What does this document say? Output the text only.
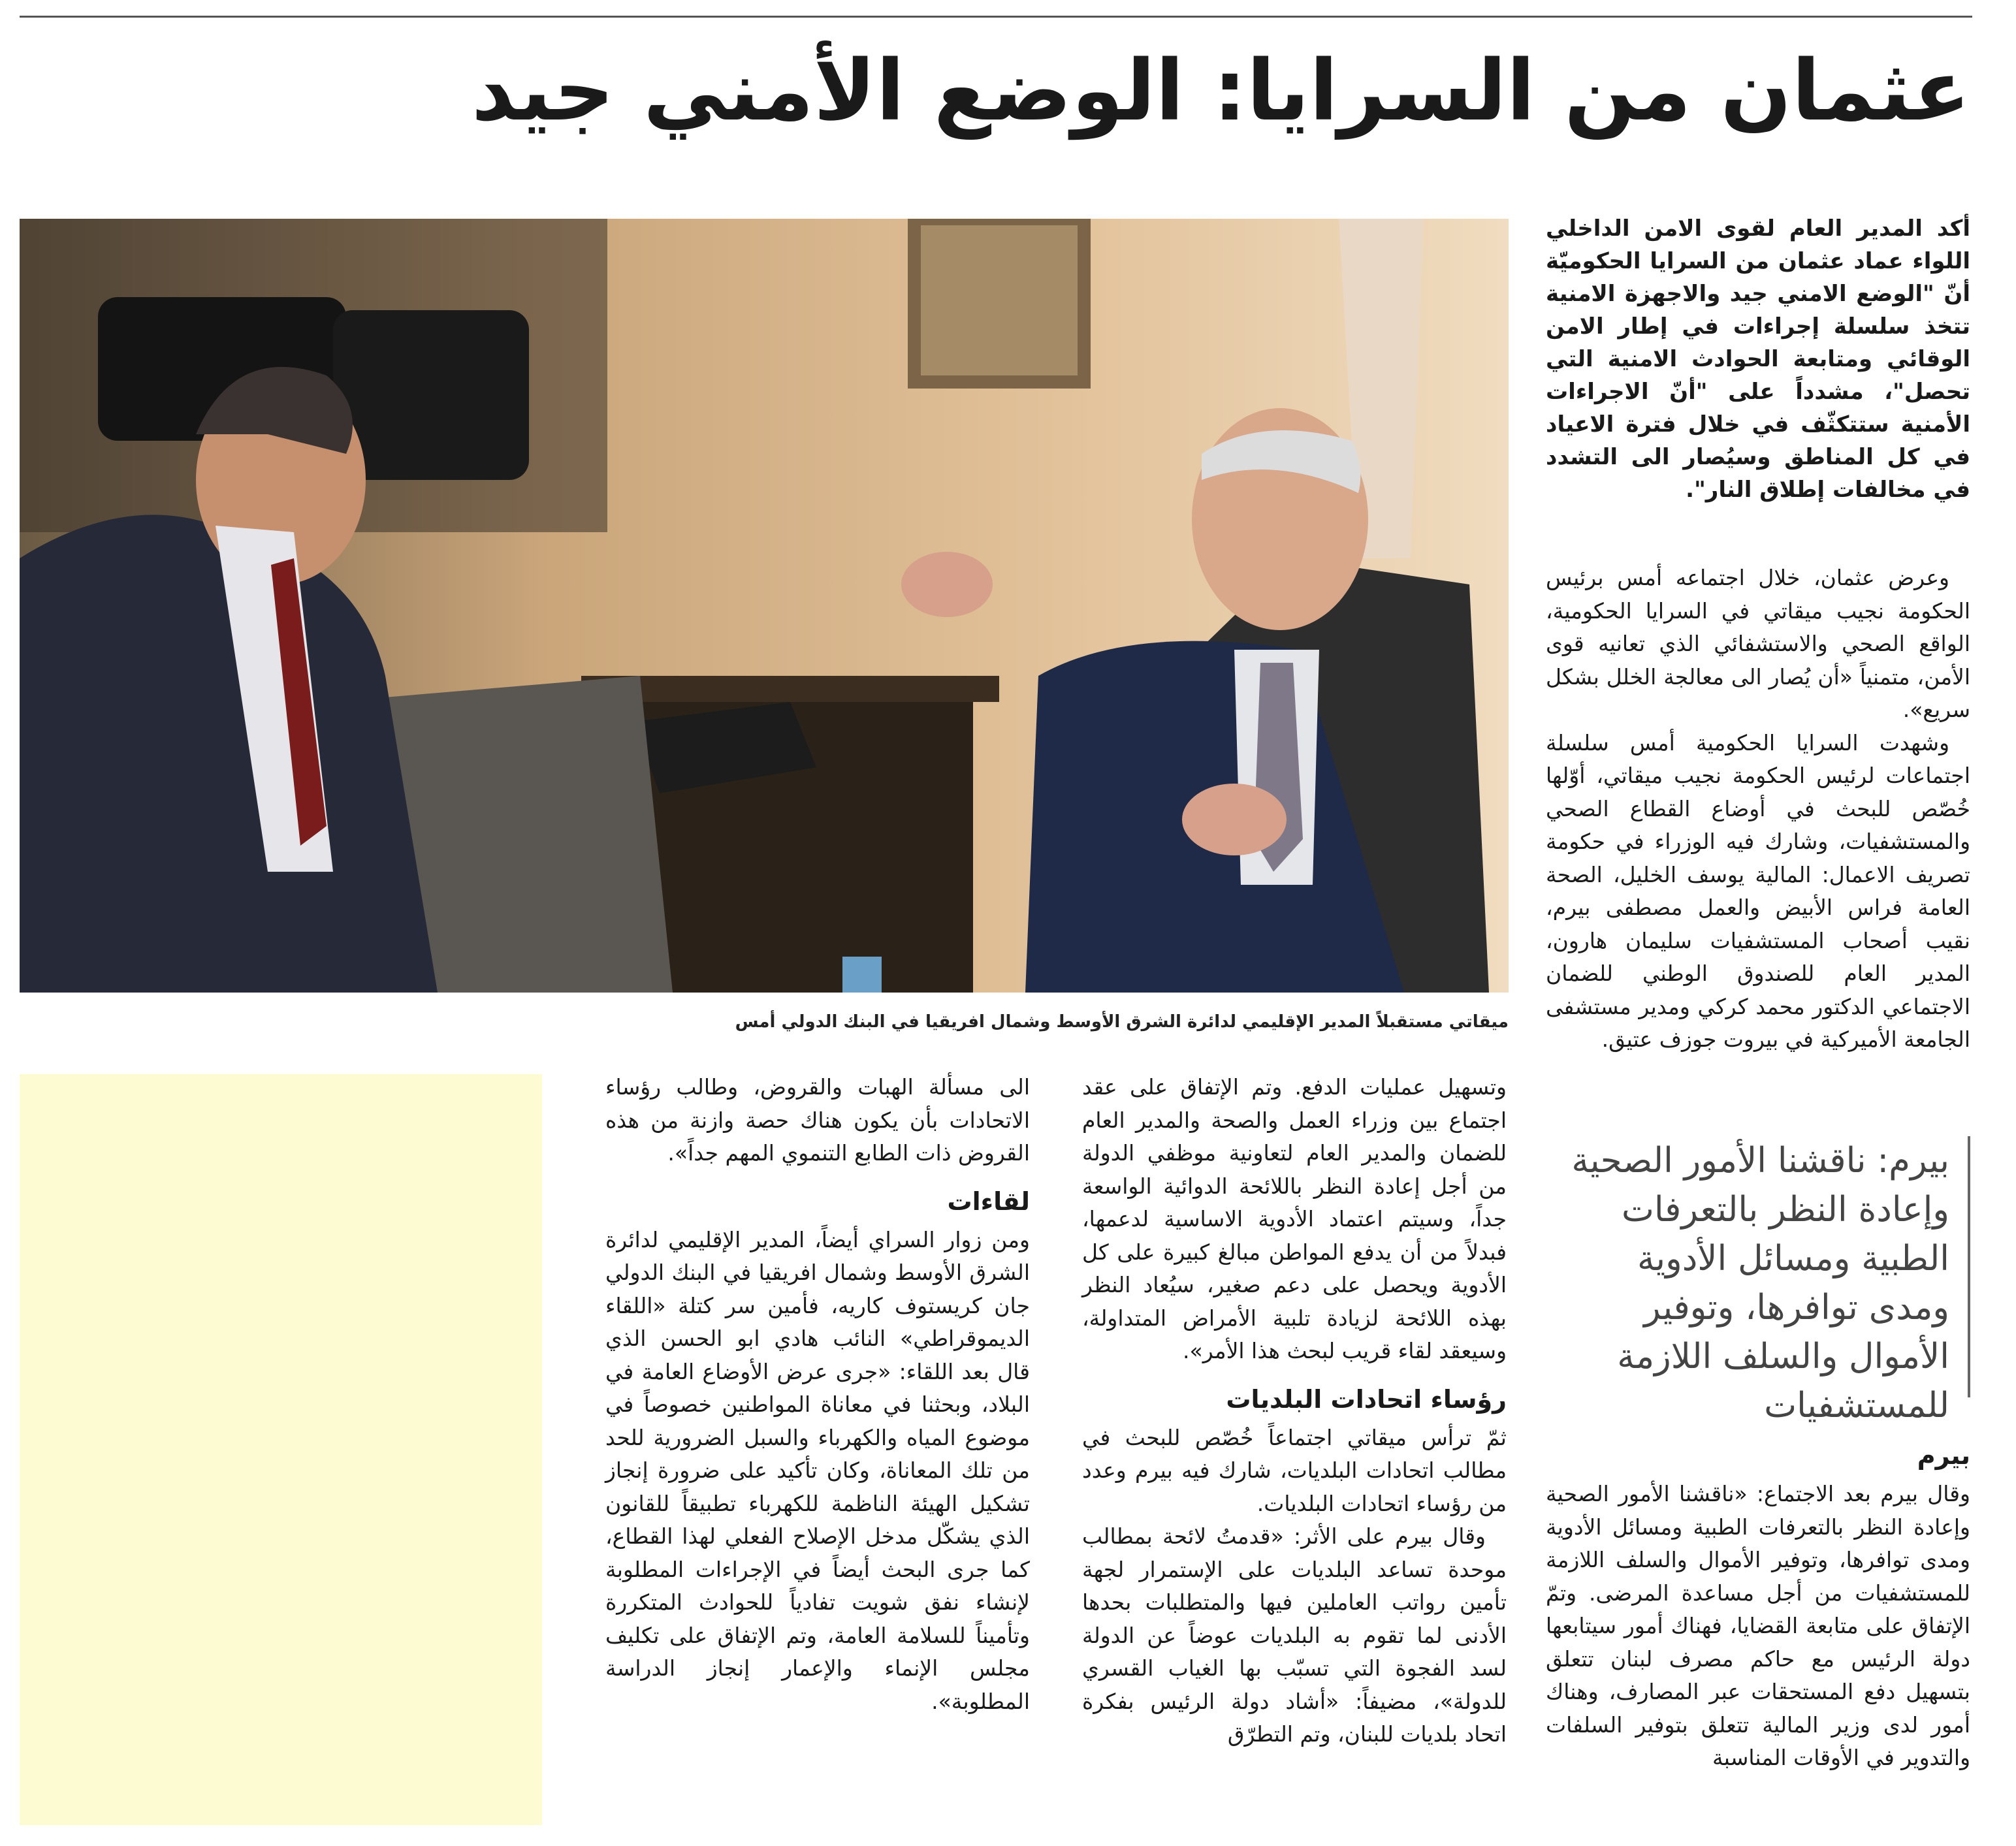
عثمان من السرايا: الوضع الأمني جيد
ميقاتي مستقبلاً المدير الإقليمي لدائرة الشرق الأوسط وشمال افريقيا في البنك الدولي أمس

أكد المدير العام لقوى الامن الداخلي اللواء عماد عثمان من السرايا الحكوميّة أنّ "الوضع الامني جيد والاجهزة الامنية تتخذ سلسلة إجراءات في إطار الامن الوقائي ومتابعة الحوادث الامنية التي تحصل"، مشدداً على "أنّ الاجراءات الأمنية ستتكثّف في خلال فترة الاعياد في كل المناطق وسيُصار الى التشدد في مخالفات إطلاق النار".

وعرض عثمان، خلال اجتماعه أمس برئيس الحكومة نجيب ميقاتي في السرايا الحكومية، الواقع الصحي والاستشفائي الذي تعانيه قوى الأمن، متمنياً «أن يُصار الى معالجة الخلل بشكل سريع».

وشهدت السرايا الحكومية أمس سلسلة اجتماعات لرئيس الحكومة نجيب ميقاتي، أوّلها خُصّص للبحث في أوضاع القطاع الصحي والمستشفيات، وشارك فيه الوزراء في حكومة تصريف الاعمال: المالية يوسف الخليل، الصحة العامة فراس الأبيض والعمل مصطفى بيرم، نقيب أصحاب المستشفيات سليمان هارون، المدير العام للصندوق الوطني للضمان الاجتماعي الدكتور محمد كركي ومدير مستشفى الجامعة الأميركية في بيروت جوزف عتيق.

بيرم: ناقشنا الأمور الصحية وإعادة النظر بالتعرفات الطبية ومسائل الأدوية ومدى توافرها، وتوفير الأموال والسلف اللازمة للمستشفيات

بيرم

وقال بيرم بعد الاجتماع: «ناقشنا الأمور الصحية وإعادة النظر بالتعرفات الطبية ومسائل الأدوية ومدى توافرها، وتوفير الأموال والسلف اللازمة للمستشفيات من أجل مساعدة المرضى. وتمّ الإتفاق على متابعة القضايا، فهناك أمور سيتابعها دولة الرئيس مع حاكم مصرف لبنان تتعلق بتسهيل دفع المستحقات عبر المصارف، وهناك أمور لدى وزير المالية تتعلق بتوفير السلفات والتدوير في الأوقات المناسبة

وتسهيل عمليات الدفع. وتم الإتفاق على عقد اجتماع بين وزراء العمل والصحة والمدير العام للضمان والمدير العام لتعاونية موظفي الدولة من أجل إعادة النظر باللائحة الدوائية الواسعة جداً، وسيتم اعتماد الأدوية الاساسية لدعمها، فبدلاً من أن يدفع المواطن مبالغ كبيرة على كل الأدوية ويحصل على دعم صغير، سيُعاد النظر بهذه اللائحة لزيادة تلبية الأمراض المتداولة، وسيعقد لقاء قريب لبحث هذا الأمر».

رؤساء اتحادات البلديات

ثمّ ترأس ميقاتي اجتماعاً خُصّص للبحث في مطالب اتحادات البلديات، شارك فيه بيرم وعدد من رؤساء اتحادات البلديات.

وقال بيرم على الأثر: «قدمتُ لائحة بمطالب موحدة تساعد البلديات على الإستمرار لجهة تأمين رواتب العاملين فيها والمتطلبات بحدها الأدنى لما تقوم به البلديات عوضاً عن الدولة لسد الفجوة التي تسبّب بها الغياب القسري للدولة»، مضيفاً: «أشاد دولة الرئيس بفكرة اتحاد بلديات للبنان، وتم التطرّق

الى مسألة الهبات والقروض، وطالب رؤساء الاتحادات بأن يكون هناك حصة وازنة من هذه القروض ذات الطابع التنموي المهم جداً».

لقاءات

ومن زوار السراي أيضاً، المدير الإقليمي لدائرة الشرق الأوسط وشمال افريقيا في البنك الدولي جان كريستوف كاريه، فأمين سر كتلة «اللقاء الديموقراطي» النائب هادي ابو الحسن الذي قال بعد اللقاء: «جرى عرض الأوضاع العامة في البلاد، وبحثنا في معاناة المواطنين خصوصاً في موضوع المياه والكهرباء والسبل الضرورية للحد من تلك المعاناة، وكان تأكيد على ضرورة إنجاز تشكيل الهيئة الناظمة للكهرباء تطبيقاً للقانون الذي يشكّل مدخل الإصلاح الفعلي لهذا القطاع، كما جرى البحث أيضاً في الإجراءات المطلوبة لإنشاء نفق شويت تفادياً للحوادث المتكررة وتأميناً للسلامة العامة، وتم الإتفاق على تكليف مجلس الإنماء والإعمار إنجاز الدراسة المطلوبة».
